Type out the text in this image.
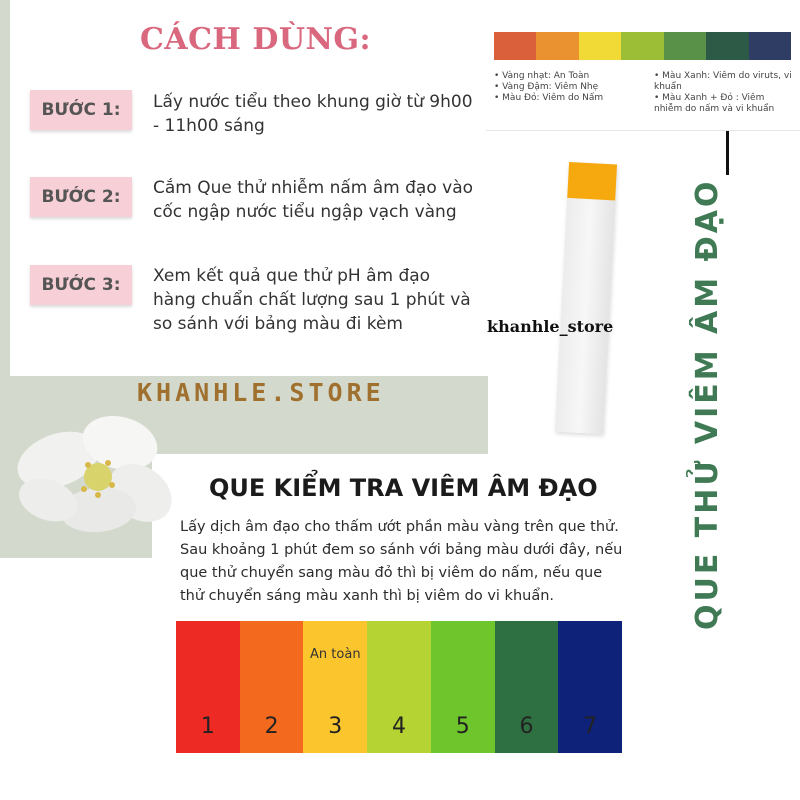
CÁCH DÙNG:
BƯỚC 1:	Lấy nước tiểu theo khung giờ từ 9h00 - 11h00 sáng
BƯỚC 2:	Cắm Que thử nhiễm nấm âm đạo vào cốc ngập nước tiểu ngập vạch vàng
BƯỚC 3:	Xem kết quả que thử pH âm đạo hàng chuẩn chất lượng sau 1 phút và so sánh với bảng màu đi kèm
KHANHLE.STORE
• Vàng nhạt: An Toàn
• Vàng Đậm: Viêm Nhẹ
• Màu Đỏ: Viêm do Nấm
• Màu Xanh: Viêm do viruts, vi khuẩn
• Màu Xanh + Đỏ : Viêm nhiễm do nấm và vi khuẩn
khanhle_store	QUE THỬ VIÊM ÂM ĐẠO
QUE KIỂM TRA VIÊM ÂM ĐẠO
Lấy dịch âm đạo cho thấm ướt phần màu vàng trên que thử. Sau khoảng 1 phút đem so sánh với bảng màu dưới đây, nếu que thử chuyển sang màu đỏ thì bị viêm do nấm, nếu que thử chuyển sáng màu xanh thì bị viêm do vi khuẩn.
1	2
An toàn
3	4	5	6	7
